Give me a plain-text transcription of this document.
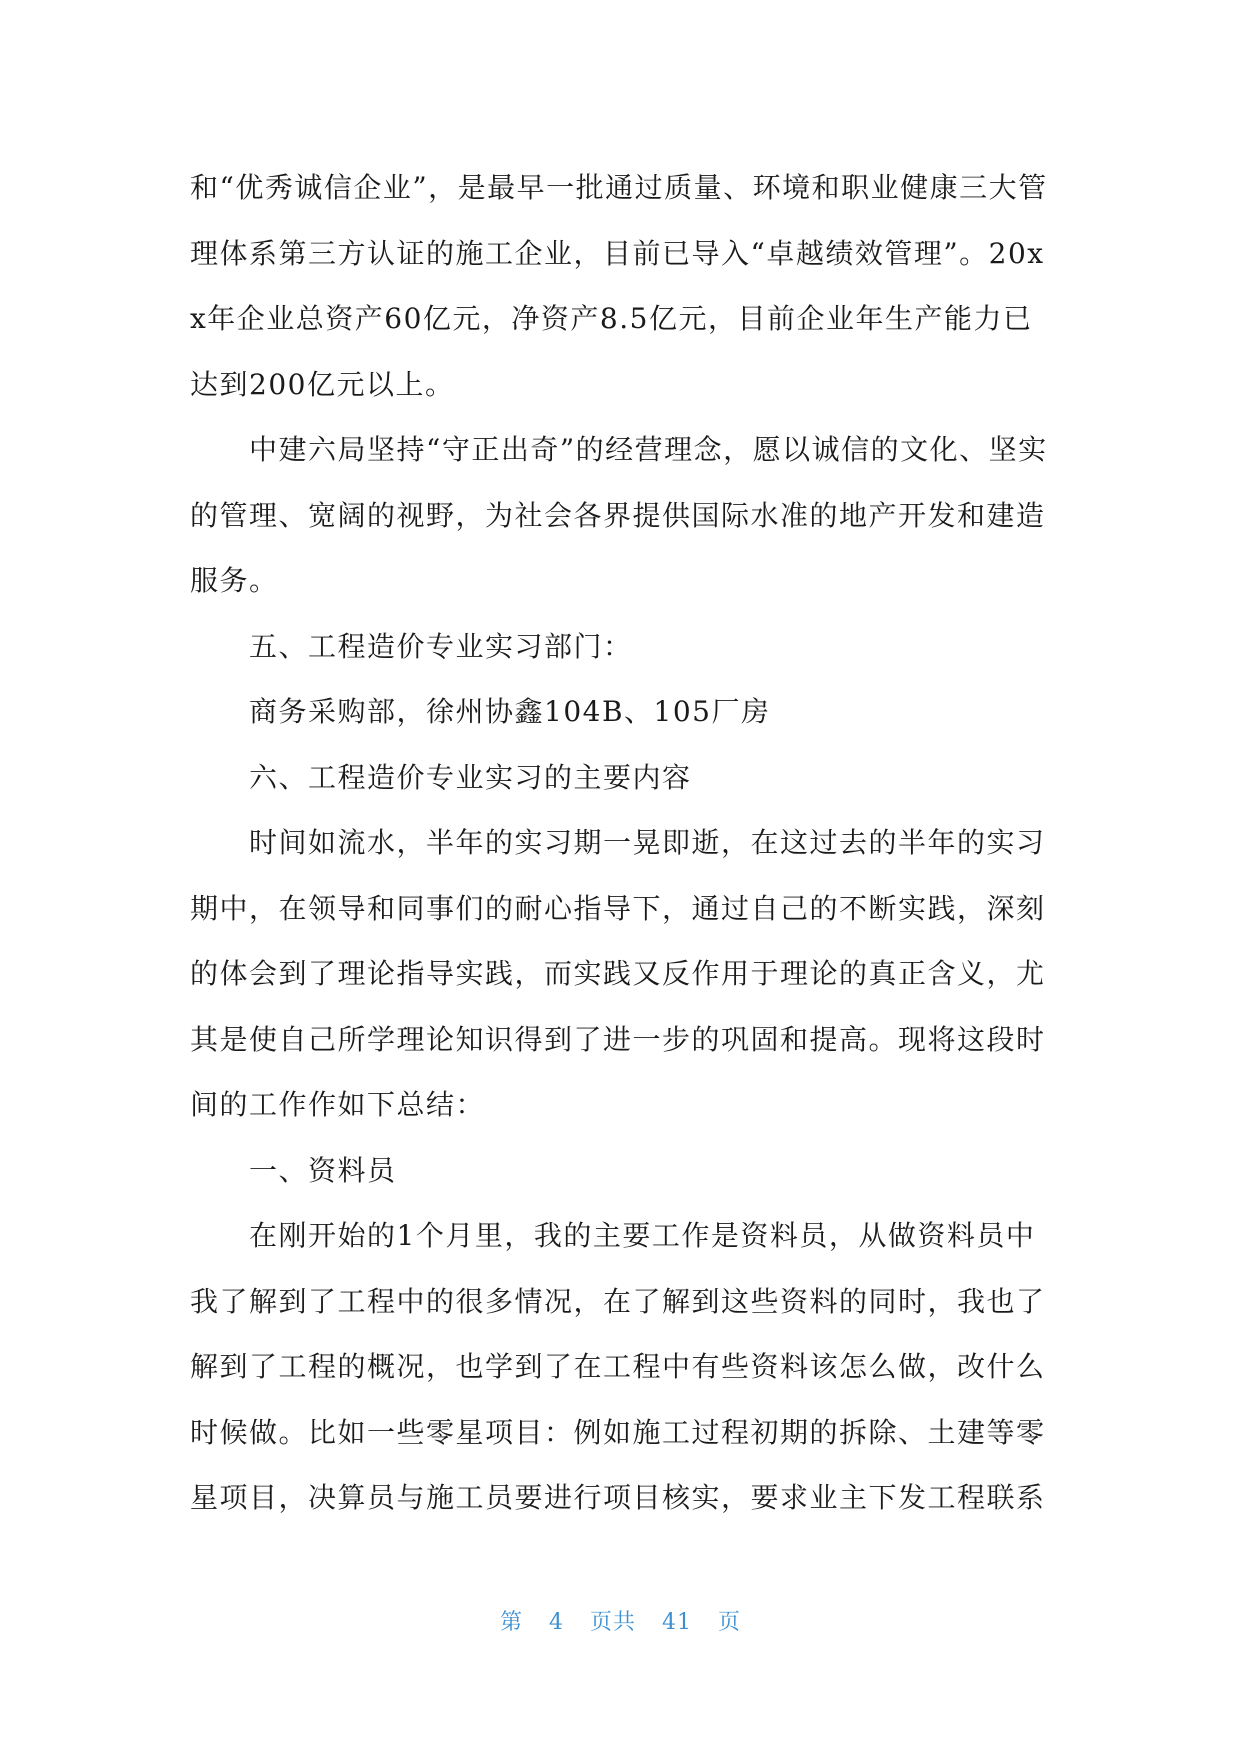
和“优秀诚信企业”，是最早一批通过质量、环境和职业健康三大管理体系第三方认证的施工企业，目前已导入“卓越绩效管理”。20xx年企业总资产60亿元，净资产8.5亿元，目前企业年生产能力已达到200亿元以上。

中建六局坚持“守正出奇”的经营理念，愿以诚信的文化、坚实的管理、宽阔的视野，为社会各界提供国际水准的地产开发和建造服务。

五、工程造价专业实习部门：

商务采购部，徐州协鑫104B、105厂房

六、工程造价专业实习的主要内容

时间如流水，半年的实习期一晃即逝，在这过去的半年的实习期中，在领导和同事们的耐心指导下，通过自己的不断实践，深刻的体会到了理论指导实践，而实践又反作用于理论的真正含义，尤其是使自己所学理论知识得到了进一步的巩固和提高。现将这段时间的工作作如下总结：

一、资料员

在刚开始的1个月里，我的主要工作是资料员，从做资料员中我了解到了工程中的很多情况，在了解到这些资料的同时，我也了解到了工程的概况，也学到了在工程中有些资料该怎么做，改什么时候做。比如一些零星项目：例如施工过程初期的拆除、土建等零星项目，决算员与施工员要进行项目核实，要求业主下发工程联系

第 4 页共 41 页
